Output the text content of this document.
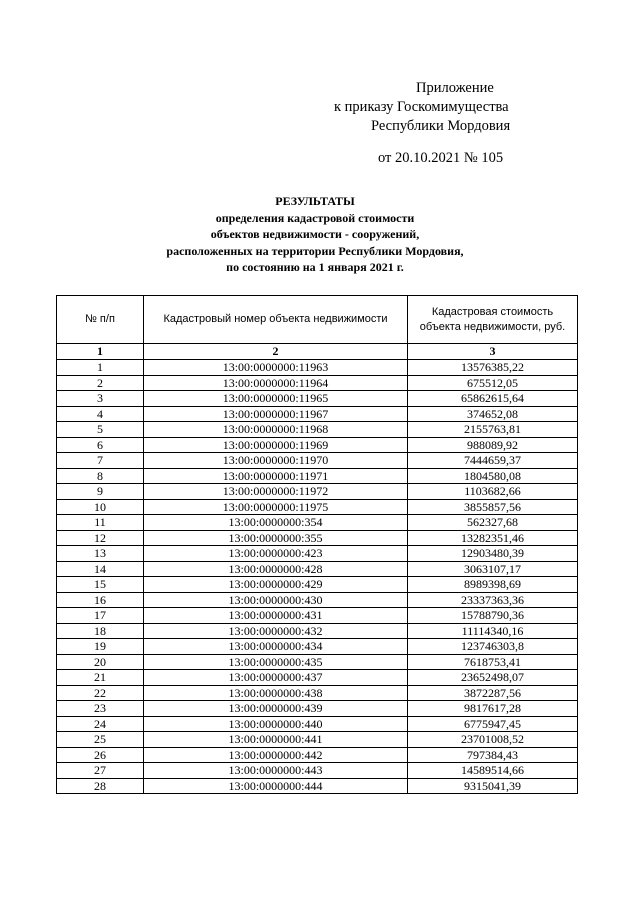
Приложение
к приказу Госкомимущества
Республики Мордовия
от 20.10.2021 № 105
РЕЗУЛЬТАТЫ
определения кадастровой стоимости
объектов недвижимости - сооружений,
расположенных на территории Республики Мордовия,
по состоянию на 1 января 2021 г.
№ п/п	Кадастровый номер объекта недвижимости	Кадастровая стоимость объекта недвижимости, руб.
1	2	3
1	13:00:0000000:11963	13576385,22
2	13:00:0000000:11964	675512,05
3	13:00:0000000:11965	65862615,64
4	13:00:0000000:11967	374652,08
5	13:00:0000000:11968	2155763,81
6	13:00:0000000:11969	988089,92
7	13:00:0000000:11970	7444659,37
8	13:00:0000000:11971	1804580,08
9	13:00:0000000:11972	1103682,66
10	13:00:0000000:11975	3855857,56
11	13:00:0000000:354	562327,68
12	13:00:0000000:355	13282351,46
13	13:00:0000000:423	12903480,39
14	13:00:0000000:428	3063107,17
15	13:00:0000000:429	8989398,69
16	13:00:0000000:430	23337363,36
17	13:00:0000000:431	15788790,36
18	13:00:0000000:432	11114340,16
19	13:00:0000000:434	123746303,8
20	13:00:0000000:435	7618753,41
21	13:00:0000000:437	23652498,07
22	13:00:0000000:438	3872287,56
23	13:00:0000000:439	9817617,28
24	13:00:0000000:440	6775947,45
25	13:00:0000000:441	23701008,52
26	13:00:0000000:442	797384,43
27	13:00:0000000:443	14589514,66
28	13:00:0000000:444	9315041,39
